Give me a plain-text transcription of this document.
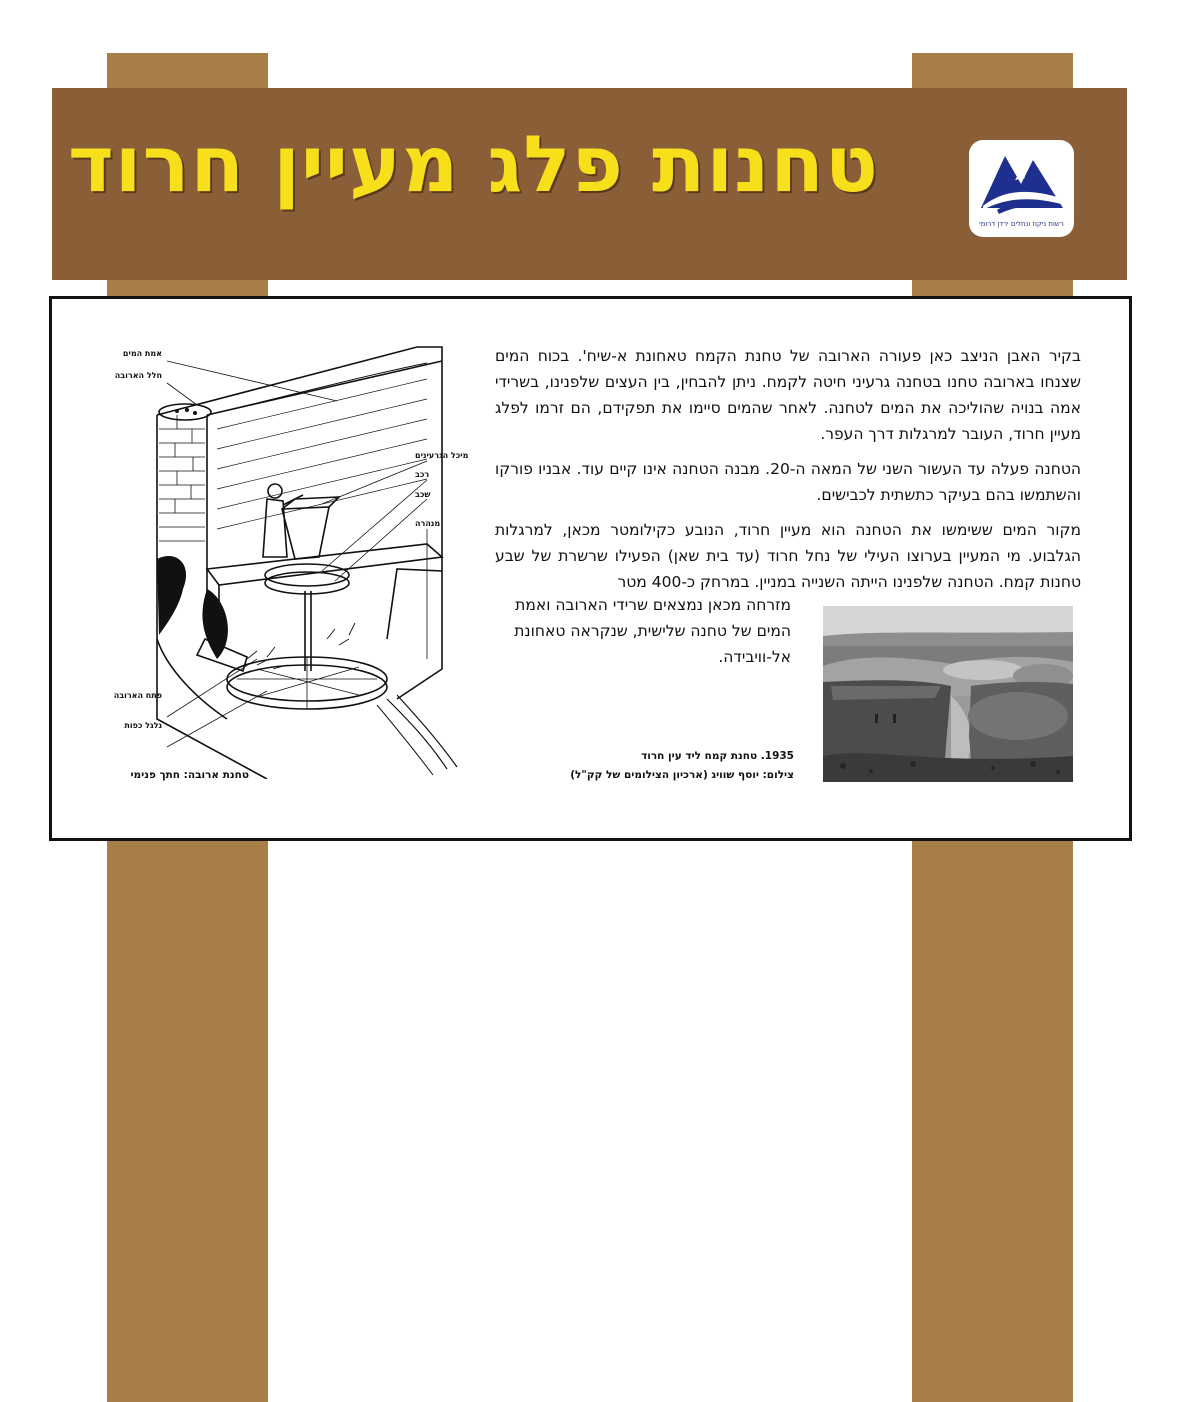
טחנות פלג מעיין חרוד
רשות ניקוז ונחלים ירדן דרומי

בקיר האבן הניצב כאן פעורה הארובה של טחנת הקמח טאחונת א-שיח'. בכוח המים שצנחו בארובה טחנו בטחנה גרעיני חיטה לקמח. ניתן להבחין, בין העצים שלפנינו, בשרידי אמה בנויה שהוליכה את המים לטחנה. לאחר שהמים סיימו את תפקידם, הם זרמו לפלג מעיין חרוד, העובר למרגלות דרך העפר.

הטחנה פעלה עד העשור השני של המאה ה-20. מבנה הטחנה אינו קיים עוד. אבניו פורקו והשתמשו בהם בעיקר כתשתית לכבישים.

מקור המים ששימשו את הטחנה הוא מעיין חרוד, הנובע כקילומטר מכאן, למרגלות הגלבוע. מי המעיין בערוצו העילי של נחל חרוד (עד בית שאן) הפעילו שרשרת של שבע טחנות קמח. הטחנה שלפנינו הייתה השנייה במניין. במרחק כ-400 מטר

מזרחה מכאן נמצאים שרידי הארובה ואמת המים של טחנה שלישית, שנקראה טאחונת אל-וויבידה.

1935. טחנת קמח ליד עין חרוד
צילום: יוסף שוויג (ארכיון הצילומים של קק"ל)
אמת המים
חלל הארובה
מיכל הגרעינים
רכב
שכב
מנהרה
פתח הארובה
גלגל כפות
טחנת ארובה: חתך פנימי
